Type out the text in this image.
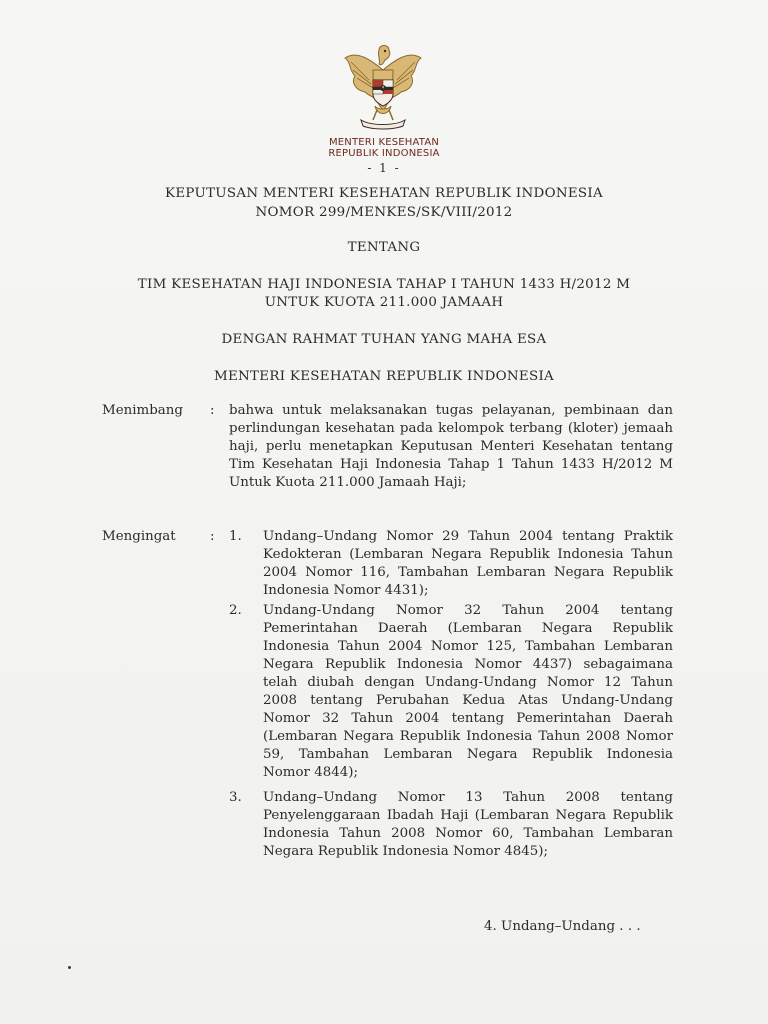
MENTERI KESEHATAN
REPUBLIK INDONESIA
- 1 -
KEPUTUSAN MENTERI KESEHATAN REPUBLIK INDONESIA
NOMOR 299/MENKES/SK/VIII/2012
TENTANG
TIM KESEHATAN HAJI INDONESIA TAHAP I TAHUN 1433 H/2012 M
UNTUK KUOTA 211.000 JAMAAH
DENGAN RAHMAT TUHAN YANG MAHA ESA
MENTERI KESEHATAN REPUBLIK INDONESIA
Menimbang : bahwa untuk melaksanakan tugas pelayanan, pembinaan dan perlindungan kesehatan pada kelompok terbang (kloter) jemaah haji, perlu menetapkan Keputusan Menteri Kesehatan tentang Tim Kesehatan Haji Indonesia Tahap 1 Tahun 1433 H/2012 M Untuk Kuota 211.000 Jamaah Haji;

Mengingat	: 1. Undang–Undang Nomor 29 Tahun 2004 tentang Praktik Kedokteran (Lembaran Negara Republik Indonesia Tahun 2004 Nomor 116, Tambahan Lembaran Negara Republik Indonesia Nomor 4431);

2. Undang-Undang Nomor 32 Tahun 2004 tentang Pemerintahan Daerah (Lembaran Negara Republik Indonesia Tahun 2004 Nomor 125, Tambahan Lembaran Negara Republik Indonesia Nomor 4437) sebagaimana telah diubah dengan Undang-Undang Nomor 12 Tahun 2008 tentang Perubahan Kedua Atas Undang-Undang Nomor 32 Tahun 2004 tentang Pemerintahan Daerah (Lembaran Negara Republik Indonesia Tahun 2008 Nomor 59, Tambahan Lembaran Negara Republik Indonesia Nomor 4844);

3. Undang–Undang Nomor 13 Tahun 2008 tentang Penyelenggaraan Ibadah Haji (Lembaran Negara Republik Indonesia Tahun 2008 Nomor 60, Tambahan Lembaran Negara Republik Indonesia Nomor 4845);

4. Undang–Undang . . .
